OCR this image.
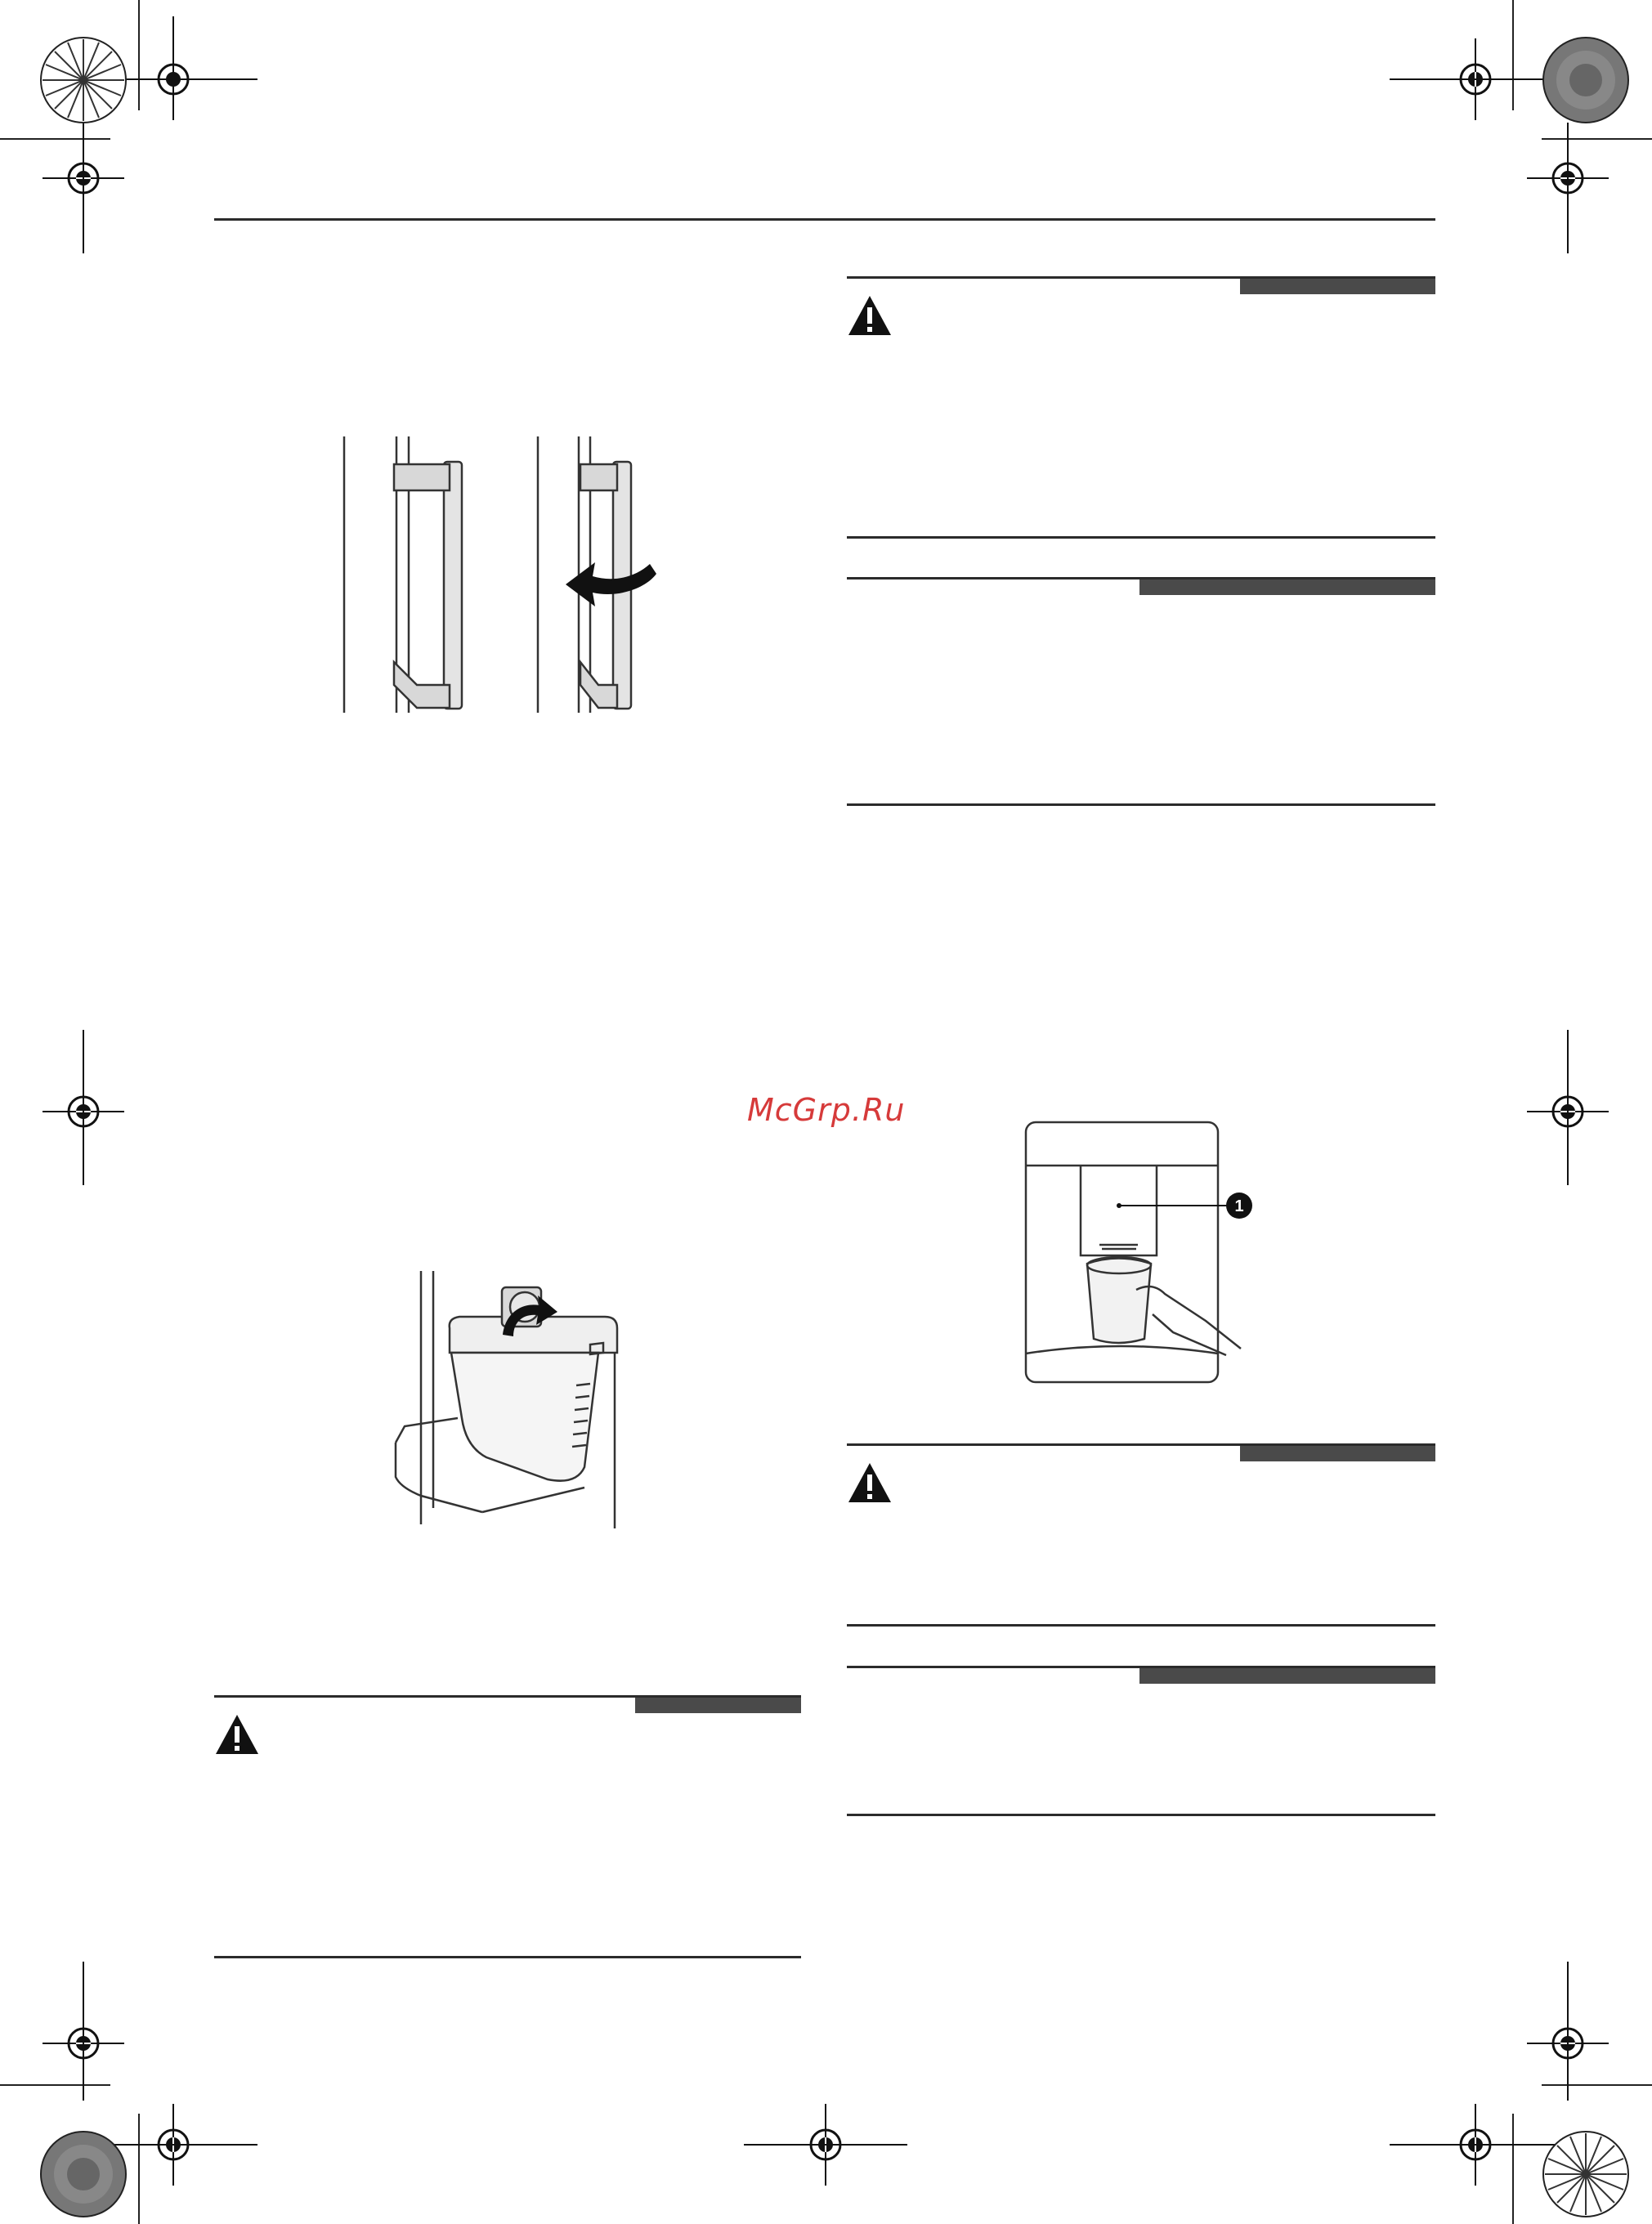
1
McGrp.Ru
